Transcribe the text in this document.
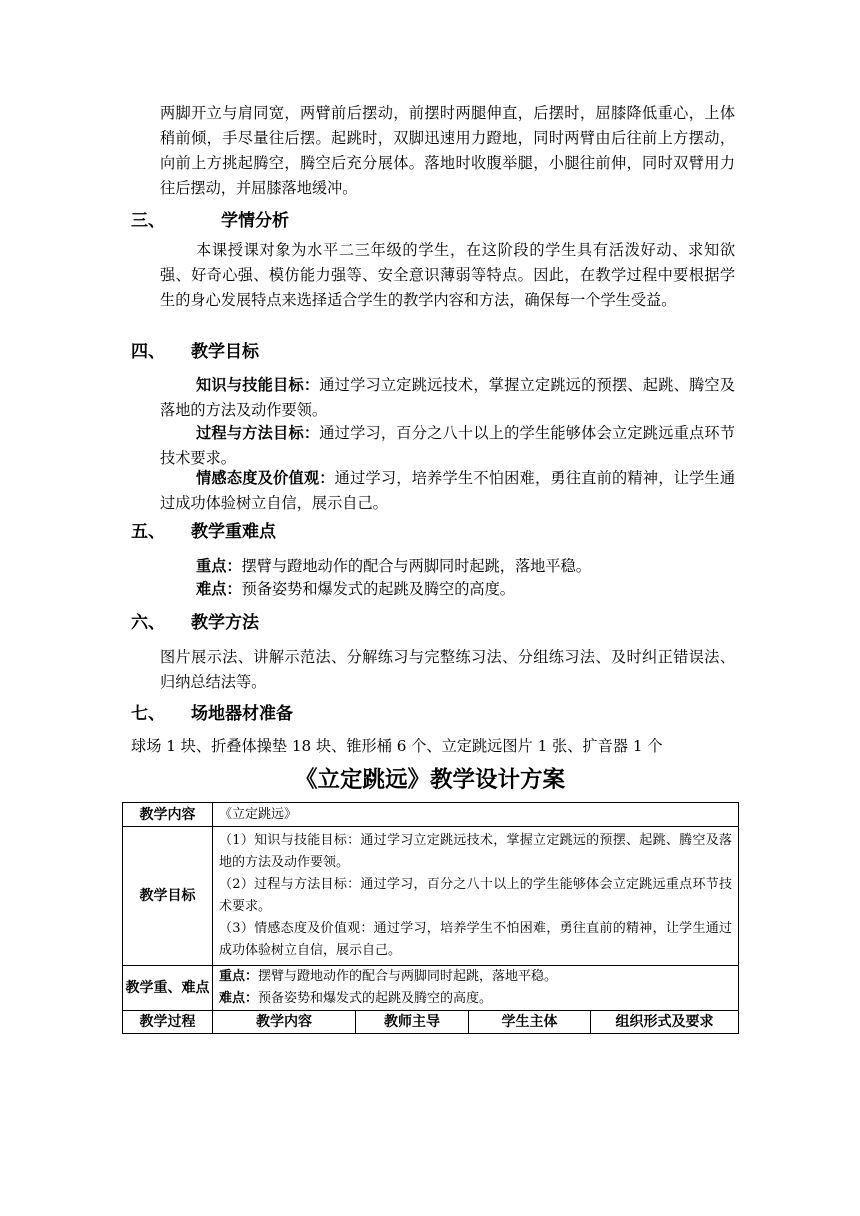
两脚开立与肩同宽，两臂前后摆动，前摆时两腿伸直，后摆时，屈膝降低重心，上体稍前倾，手尽量往后摆。起跳时，双脚迅速用力蹬地，同时两臂由后往前上方摆动，向前上方挑起腾空，腾空后充分展体。落地时收腹举腿，小腿往前伸，同时双臂用力往后摆动，并屈膝落地缓冲。

三、	学情分析

本课授课对象为水平二三年级的学生，在这阶段的学生具有活泼好动、求知欲强、好奇心强、模仿能力强等、安全意识薄弱等特点。因此，在教学过程中要根据学生的身心发展特点来选择适合学生的教学内容和方法，确保每一个学生受益。

四、 教学目标

知识与技能目标：通过学习立定跳远技术，掌握立定跳远的预摆、起跳、腾空及落地的方法及动作要领。

过程与方法目标：通过学习，百分之八十以上的学生能够体会立定跳远重点环节技术要求。

情感态度及价值观：通过学习，培养学生不怕困难，勇往直前的精神，让学生通过成功体验树立自信，展示自己。

五、 教学重难点
重点：摆臂与蹬地动作的配合与两脚同时起跳，落地平稳。
难点：预备姿势和爆发式的起跳及腾空的高度。
六、 教学方法

图片展示法、讲解示范法、分解练习与完整练习法、分组练习法、及时纠正错误法、归纳总结法等。

七、 场地器材准备
球场 1 块、折叠体操垫 18 块、锥形桶 6 个、立定跳远图片 1 张、扩音器 1 个
《立定跳远》教学设计方案
教学内容	《立定跳远》			
教学目标	（1）知识与技能目标：通过学习立定跳远技术，掌握立定跳远的预摆、起跳、腾空及落地的方法及动作要领。
（2）过程与方法目标：通过学习，百分之八十以上的学生能够体会立定跳远重点环节技术要求。
（3）情感态度及价值观：通过学习，培养学生不怕困难，勇往直前的精神，让学生通过成功体验树立自信，展示自己。			

教学重、难点	重点：摆臂与蹬地动作的配合与两脚同时起跳，落地平稳。
难点：预备姿势和爆发式的起跳及腾空的高度。			

教学过程	教学内容	教师主导	学生主体	组织形式及要求
